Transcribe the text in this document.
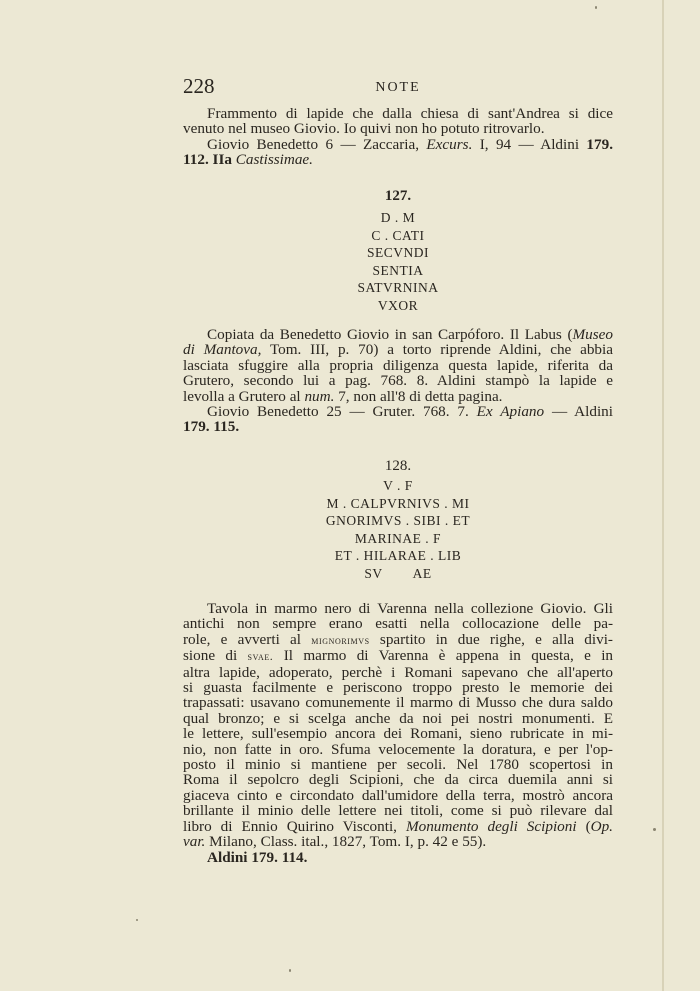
228	NOTE
Frammento di lapide che dalla chiesa di sant'Andrea si dice
venuto nel museo Giovio. Io quivi non ho potuto ritrovarlo.
Giovio Benedetto 6 — Zaccaria, Excurs. I, 94 — Aldini 179.
112. IIa Castissimae.
127.
D . M
C . CATI
SECVNDI
SENTIA
SATVRNINA
VXOR
Copiata da Benedetto Giovio in san Carpóforo. Il Labus (Museo
di Mantova, Tom. III, p. 70) a torto riprende Aldini, che abbia
lasciata sfuggire alla propria diligenza questa lapide, riferita da
Grutero, secondo lui a pag. 768. 8. Aldini stampò la lapide e
levolla a Grutero al num. 7, non all'8 di detta pagina.
Giovio Benedetto 25 — Gruter. 768. 7. Ex Apiano — Aldini
179. 115.
128.
V . F
M . CALPVRNIVS . MI
GNORIMVS . SIBI . ET
MARINAE . F
ET . HILARAE . LIB
SV        AE
Tavola in marmo nero di Varenna nella collezione Giovio. Gli
antichi non sempre erano esatti nella collocazione delle pa-
role, e avverti al mignorimvs spartito in due righe, e alla divi-
sione di svae. Il marmo di Varenna è appena in questa, e in
altra lapide, adoperato, perchè i Romani sapevano che all'aperto
si guasta facilmente e periscono troppo presto le memorie dei
trapassati: usavano comunemente il marmo di Musso che dura saldo
qual bronzo; e si scelga anche da noi pei nostri monumenti. E
le lettere, sull'esempio ancora dei Romani, sieno rubricate in mi-
nio, non fatte in oro. Sfuma velocemente la doratura, e per l'op-
posto il minio si mantiene per secoli. Nel 1780 scopertosi in
Roma il sepolcro degli Scipioni, che da circa duemila anni si
giaceva cinto e circondato dall'umidore della terra, mostrò ancora
brillante il minio delle lettere nei titoli, come si può rilevare dal
libro di Ennio Quirino Visconti, Monumento degli Scipioni (Op.
var. Milano, Class. ital., 1827, Tom. I, p. 42 e 55).
Aldini 179. 114.
